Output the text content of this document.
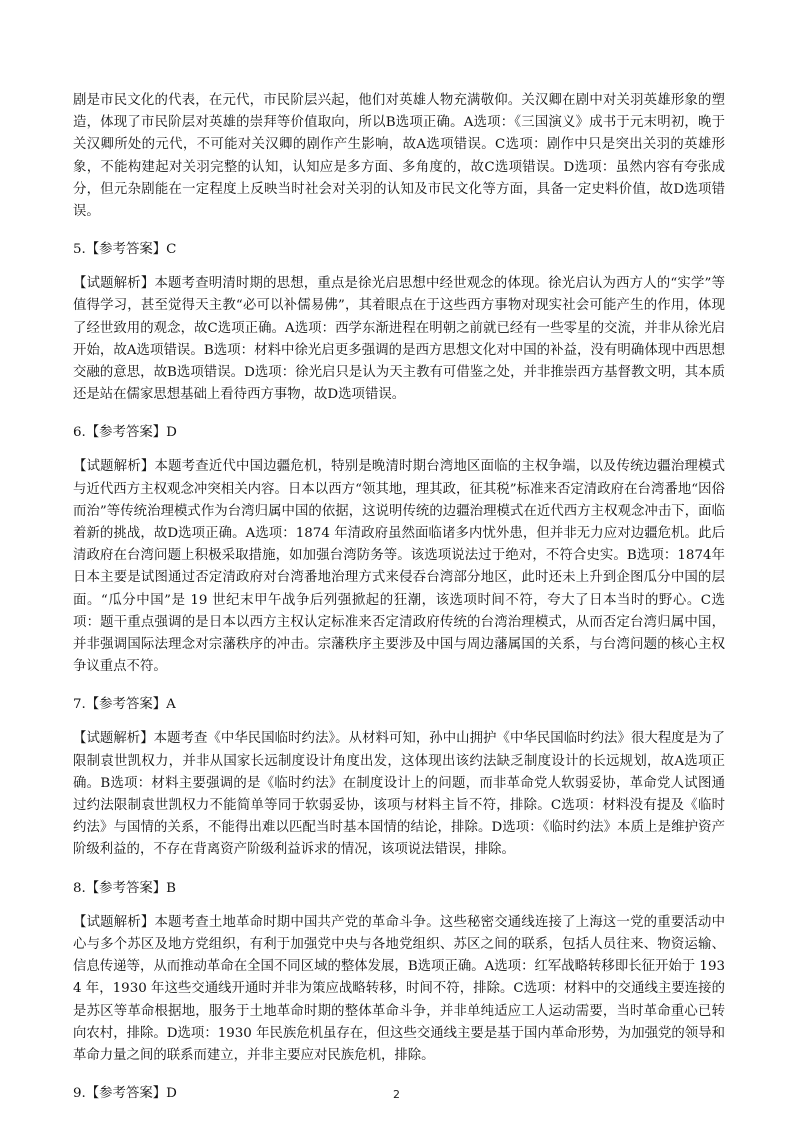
剧是市民文化的代表，在元代，市民阶层兴起，他们对英雄人物充满敬仰。关汉卿在剧中对关羽英雄形象的塑造，体现了市民阶层对英雄的崇拜等价值取向，所以B选项正确。A选项：《三国演义》成书于元末明初，晚于关汉卿所处的元代，不可能对关汉卿的剧作产生影响，故A选项错误。C选项：剧作中只是突出关羽的英雄形象，不能构建起对关羽完整的认知，认知应是多方面、多角度的，故C选项错误。D选项：虽然内容有夸张成分，但元杂剧能在一定程度上反映当时社会对关羽的认知及市民文化等方面，具备一定史料价值，故D选项错误。

5.【参考答案】C

【试题解析】本题考查明清时期的思想，重点是徐光启思想中经世观念的体现。徐光启认为西方人的“实学”等值得学习，甚至觉得天主教“必可以补儒易佛”，其着眼点在于这些西方事物对现实社会可能产生的作用，体现了经世致用的观念，故C选项正确。A选项：西学东渐进程在明朝之前就已经有一些零星的交流，并非从徐光启开始，故A选项错误。B选项：材料中徐光启更多强调的是西方思想文化对中国的补益，没有明确体现中西思想交融的意思，故B选项错误。D选项：徐光启只是认为天主教有可借鉴之处，并非推崇西方基督教文明，其本质还是站在儒家思想基础上看待西方事物，故D选项错误。

6.【参考答案】D

【试题解析】本题考查近代中国边疆危机，特别是晚清时期台湾地区面临的主权争端，以及传统边疆治理模式与近代西方主权观念冲突相关内容。日本以西方“领其地，理其政，征其税”标准来否定清政府在台湾番地“因俗而治”等传统治理模式作为台湾归属中国的依据，这说明传统的边疆治理模式在近代西方主权观念冲击下，面临着新的挑战，故D选项正确。A选项：1874 年清政府虽然面临诸多内忧外患，但并非无力应对边疆危机。此后清政府在台湾问题上积极采取措施，如加强台湾防务等。该选项说法过于绝对，不符合史实。B选项：1874年日本主要是试图通过否定清政府对台湾番地治理方式来侵吞台湾部分地区，此时还未上升到企图瓜分中国的层面。“瓜分中国”是 19 世纪末甲午战争后列强掀起的狂潮，该选项时间不符，夸大了日本当时的野心。C选项：题干重点强调的是日本以西方主权认定标准来否定清政府传统的台湾治理模式，从而否定台湾归属中国，并非强调国际法理念对宗藩秩序的冲击。宗藩秩序主要涉及中国与周边藩属国的关系，与台湾问题的核心主权争议重点不符。

7.【参考答案】A

【试题解析】本题考查《中华民国临时约法》。从材料可知，孙中山拥护《中华民国临时约法》很大程度是为了限制袁世凯权力，并非从国家长远制度设计角度出发，这体现出该约法缺乏制度设计的长远规划，故A选项正确。B选项：材料主要强调的是《临时约法》在制度设计上的问题，而非革命党人软弱妥协，革命党人试图通过约法限制袁世凯权力不能简单等同于软弱妥协，该项与材料主旨不符，排除。C选项：材料没有提及《临时约法》与国情的关系，不能得出难以匹配当时基本国情的结论，排除。D选项：《临时约法》本质上是维护资产阶级利益的，不存在背离资产阶级利益诉求的情况，该项说法错误，排除。

8.【参考答案】B

【试题解析】本题考查土地革命时期中国共产党的革命斗争。这些秘密交通线连接了上海这一党的重要活动中心与多个苏区及地方党组织，有利于加强党中央与各地党组织、苏区之间的联系，包括人员往来、物资运输、信息传递等，从而推动革命在全国不同区域的整体发展，B选项正确。A选项：红军战略转移即长征开始于 1934 年，1930 年这些交通线开通时并非为策应战略转移，时间不符，排除。C选项：材料中的交通线主要连接的是苏区等革命根据地，服务于土地革命时期的整体革命斗争，并非单纯适应工人运动需要，当时革命重心已转向农村，排除。D选项：1930 年民族危机虽存在，但这些交通线主要是基于国内革命形势，为加强党的领导和革命力量之间的联系而建立，并非主要应对民族危机，排除。

9.【参考答案】D	2
